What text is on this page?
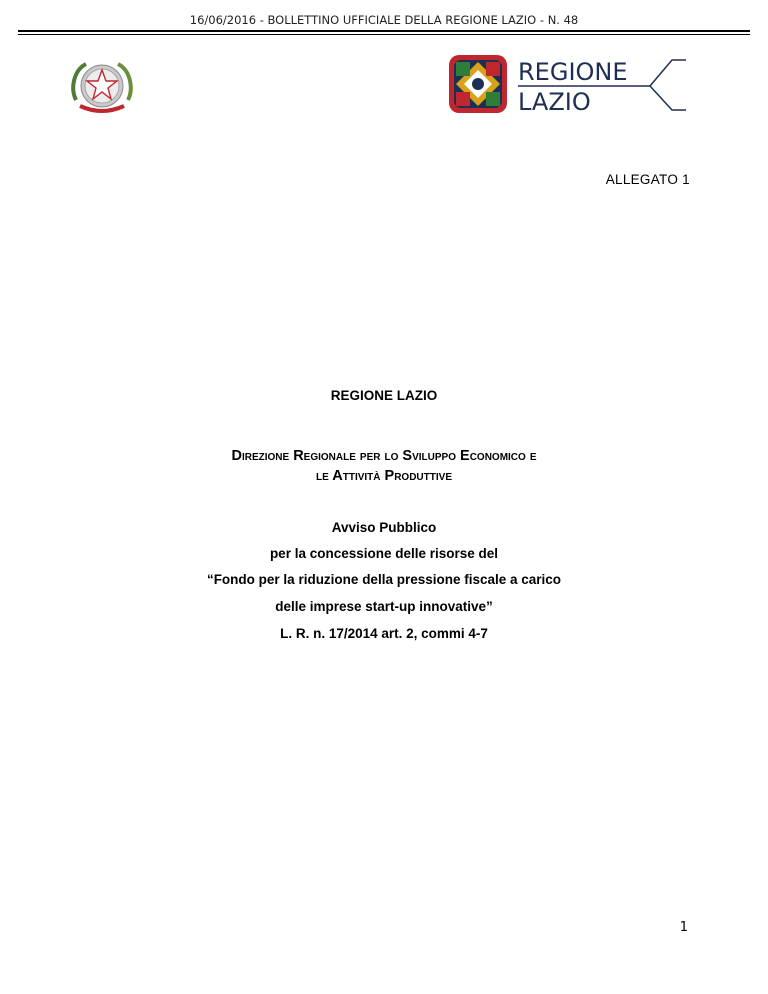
16/06/2016 - BOLLETTINO UFFICIALE DELLA REGIONE LAZIO - N. 48
REGIONE
LAZIO
ALLEGATO 1
REGIONE LAZIO
Direzione Regionale per lo Sviluppo Economico e
le Attività Produttive
Avviso Pubblico
per la concessione delle risorse del
“Fondo per la riduzione della pressione fiscale a carico
delle imprese start-up innovative”
L. R. n. 17/2014 art. 2, commi 4-7
1
